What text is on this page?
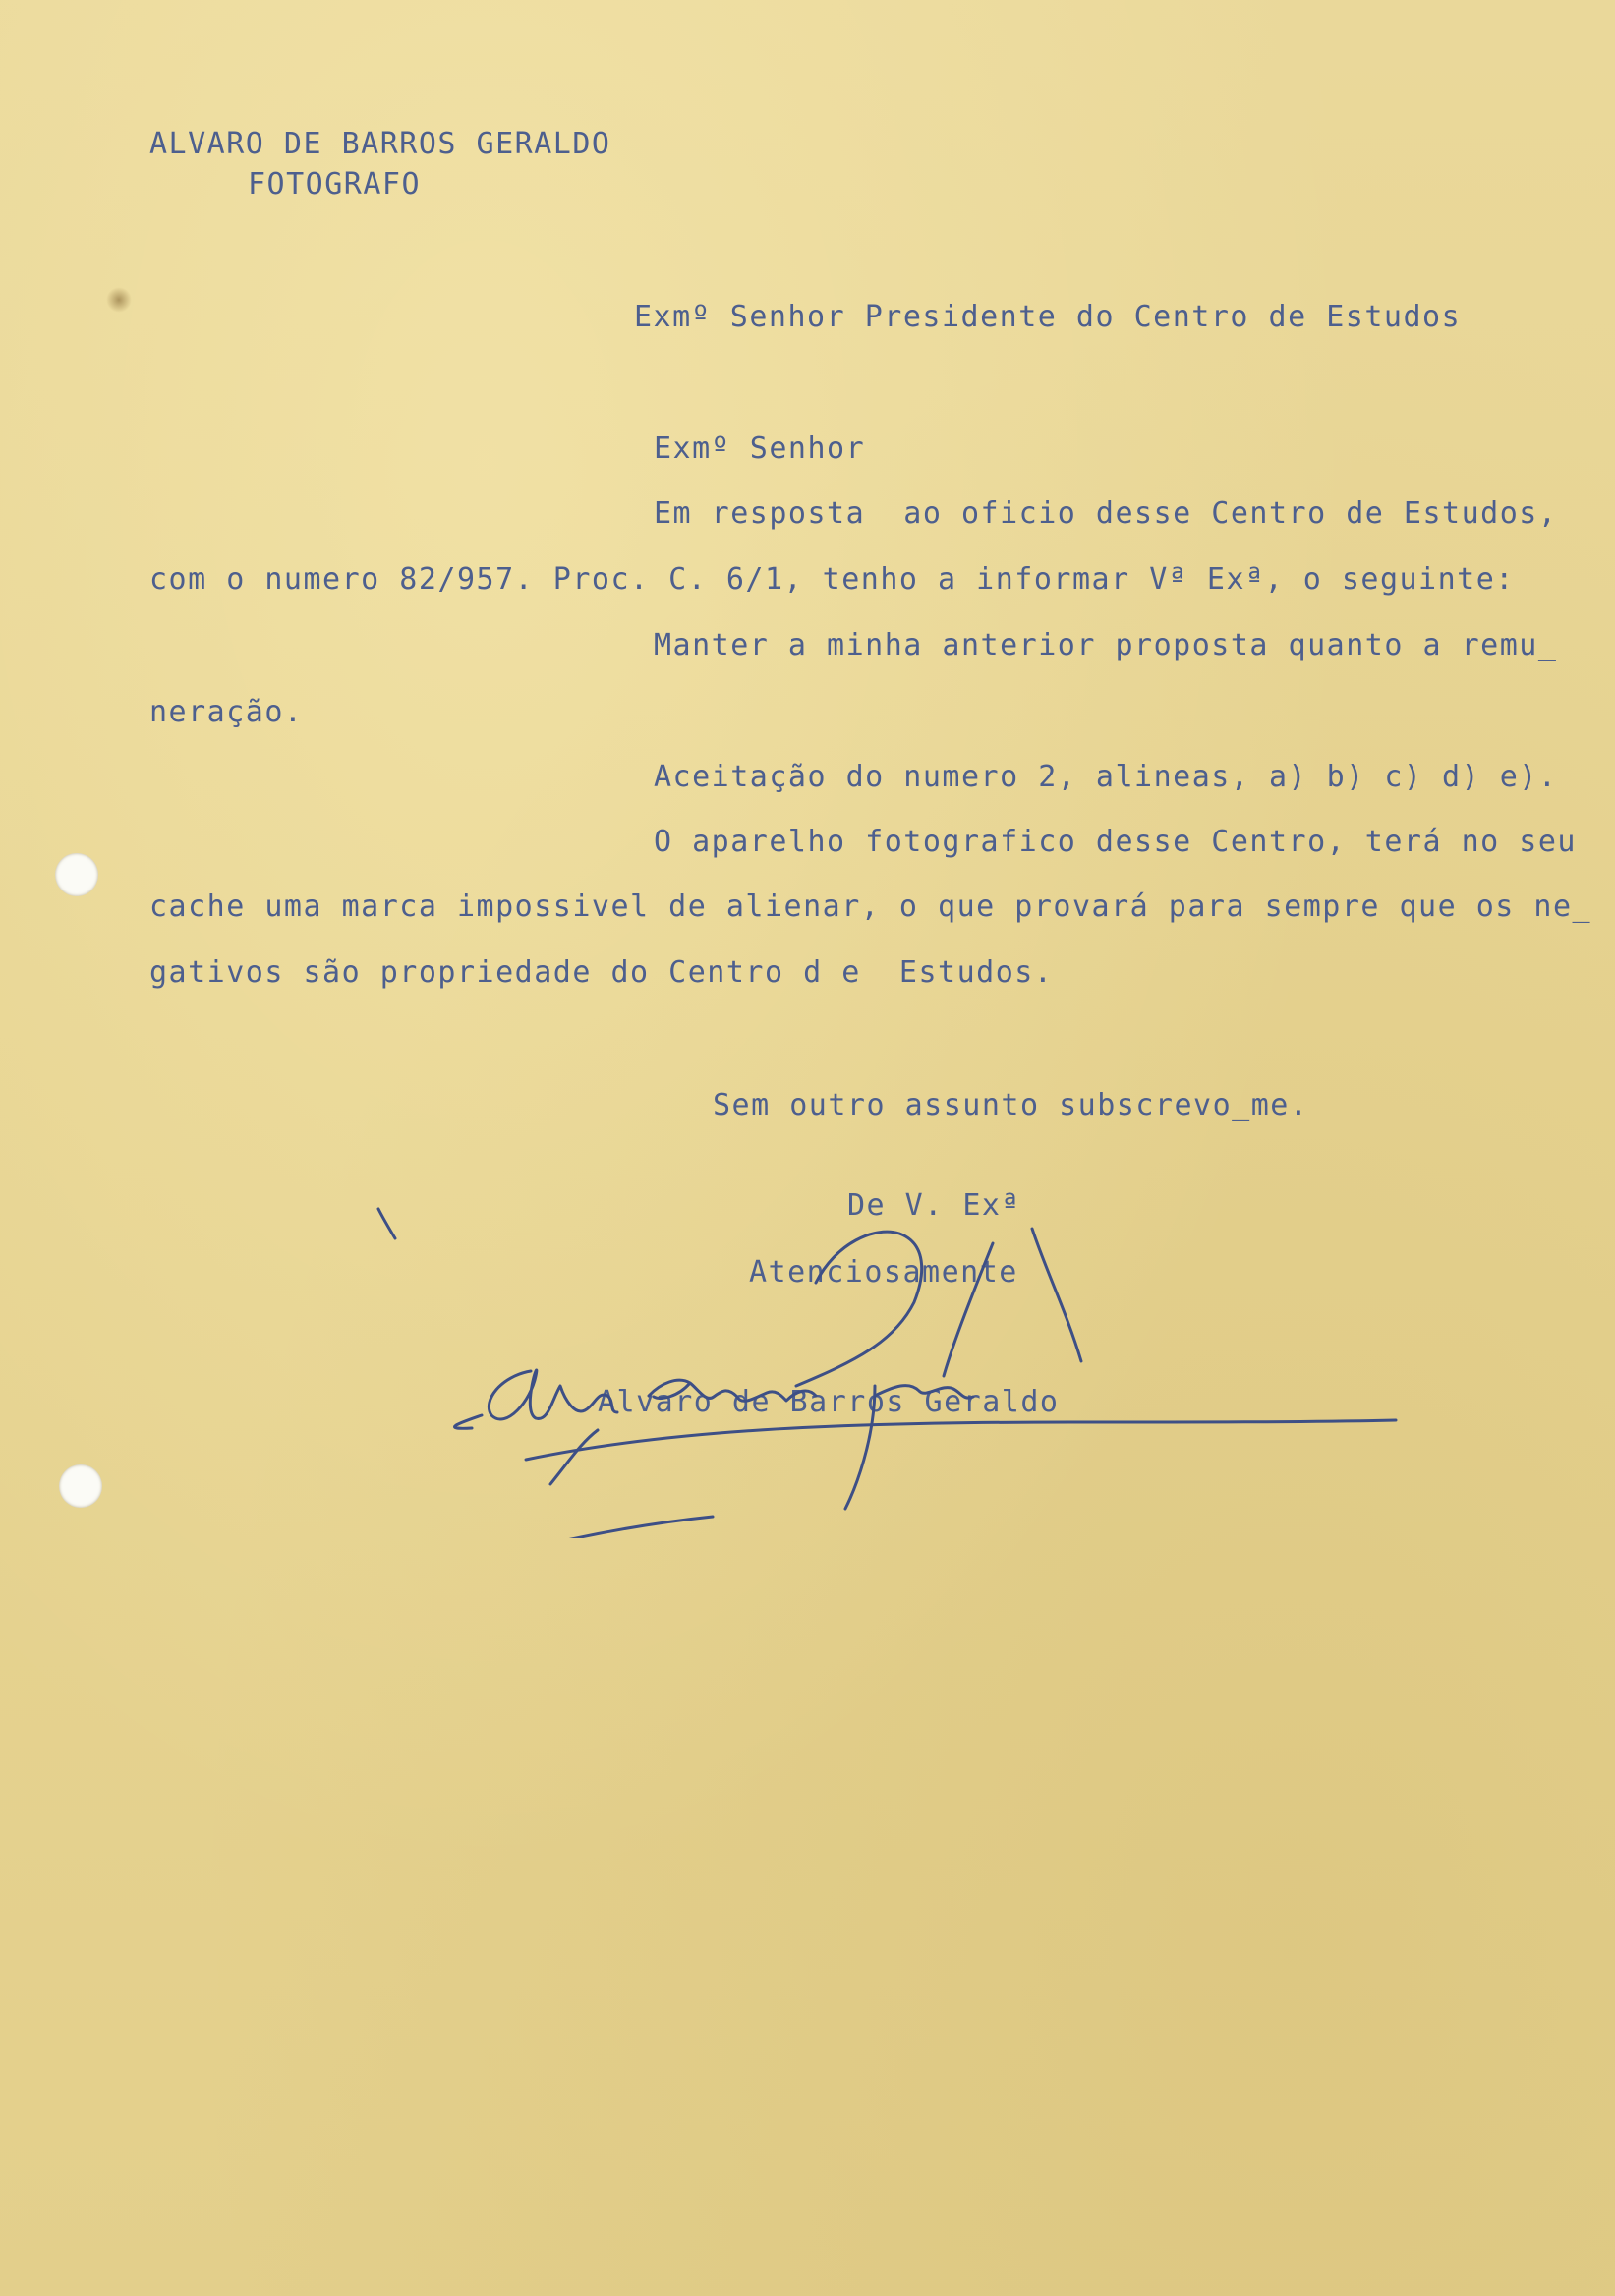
ALVARO DE BARROS GERALDO
FOTOGRAFO
Exmº Senhor Presidente do Centro de Estudos
Exmº Senhor
Em resposta  ao oficio desse Centro de Estudos,
com o numero 82/957. Proc. C. 6/1, tenho a informar Vª Exª, o seguinte:
Manter a minha anterior proposta quanto a remu_
neração.
Aceitação do numero 2, alineas, a) b) c) d) e).
O aparelho fotografico desse Centro, terá no seu
cache uma marca impossivel de alienar, o que provará para sempre que os ne_
gativos são propriedade do Centro d e  Estudos.
Sem outro assunto subscrevo_me.
De V. Exª
Atenciosamente
Alvaro de Barros Geraldo
